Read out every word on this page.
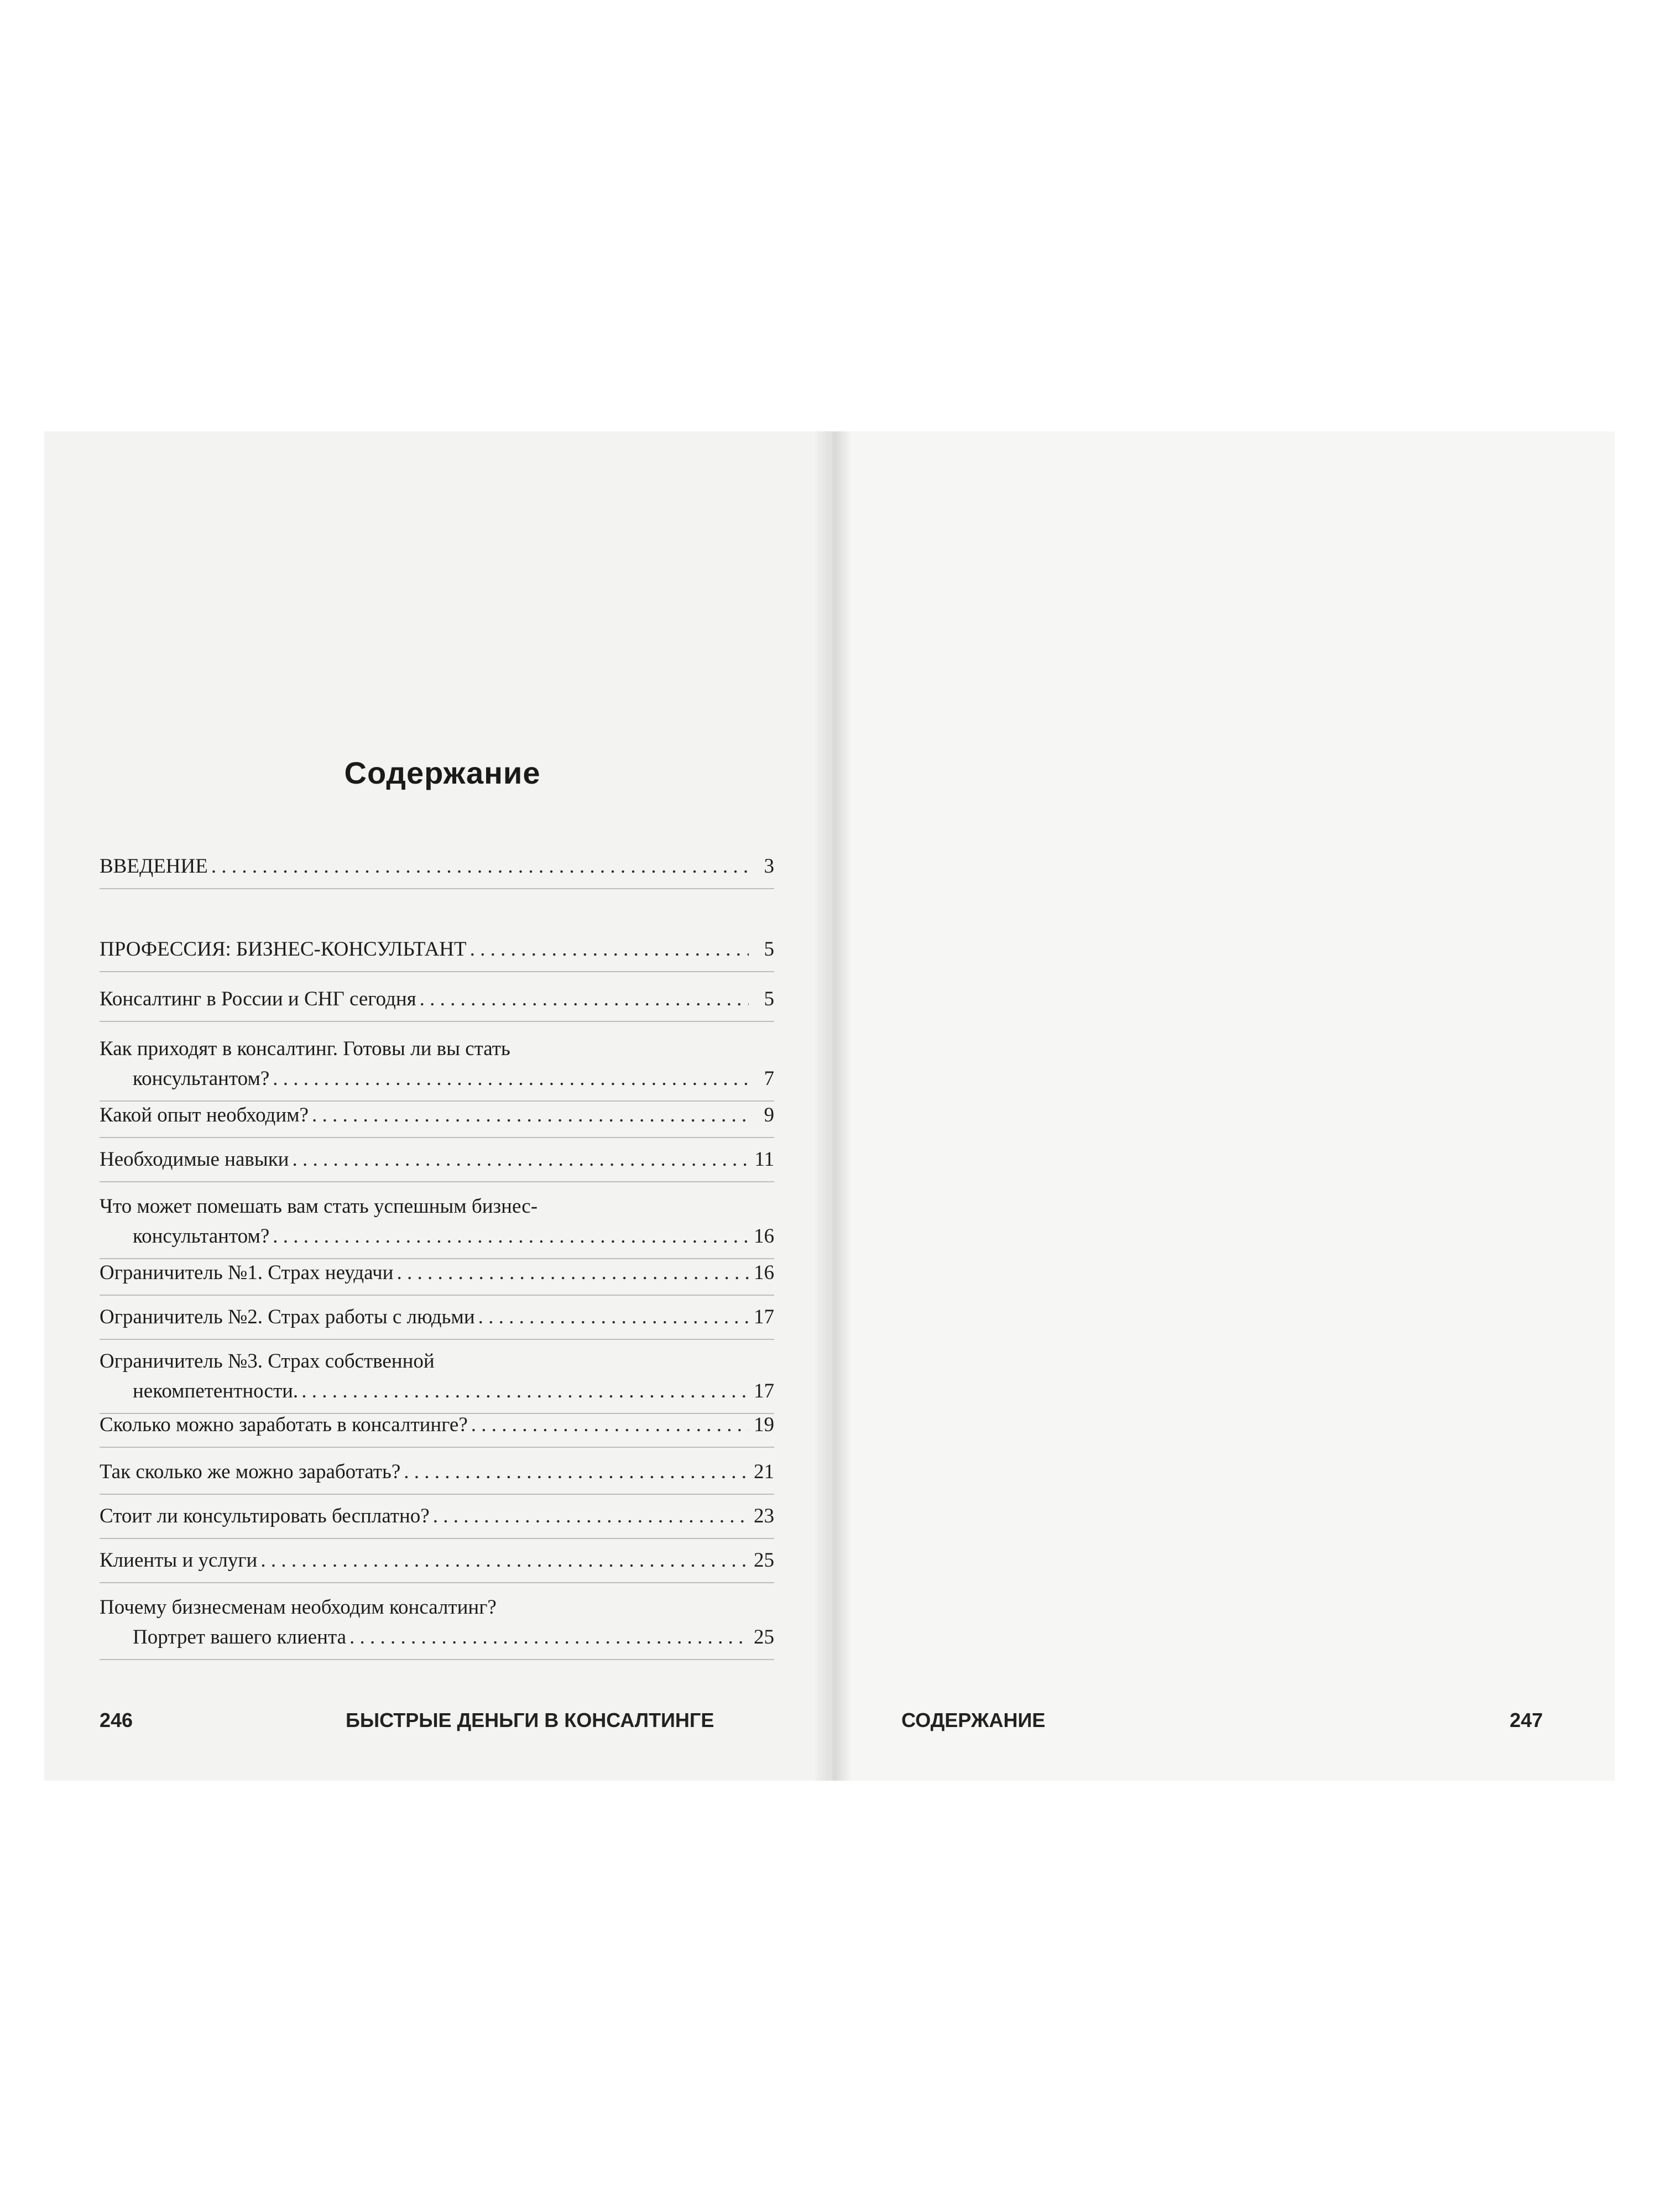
Содержание
ВВЕДЕНИЕ . . .	3
ПРОФЕССИЯ: БИЗНЕС-КОНСУЛЬТАНТ . . .	5
Консалтинг в России и СНГ сегодня . . .	5
Как приходят в консалтинг. Готовы ли вы стать
консультантом? . . .	7
Какой опыт необходим? . . .	9
Необходимые навыки . . .	11
Что может помешать вам стать успешным бизнес-
консультантом? . . .	16
Ограничитель №1. Страх неудачи . . .	16
Ограничитель №2. Страх работы с людьми . . .	17
Ограничитель №3. Страх собственной
некомпетентности. . . .	17
Сколько можно заработать в консалтинге? . . .	19
Так сколько же можно заработать? . . .	21
Стоит ли консультировать бесплатно? . . .	23
Клиенты и услуги . . .	25
Почему бизнесменам необходим консалтинг?
Портрет вашего клиента . . .	25
246	БЫСТРЫЕ ДЕНЬГИ В КОНСАЛТИНГЕ	СОДЕРЖАНИЕ	247
